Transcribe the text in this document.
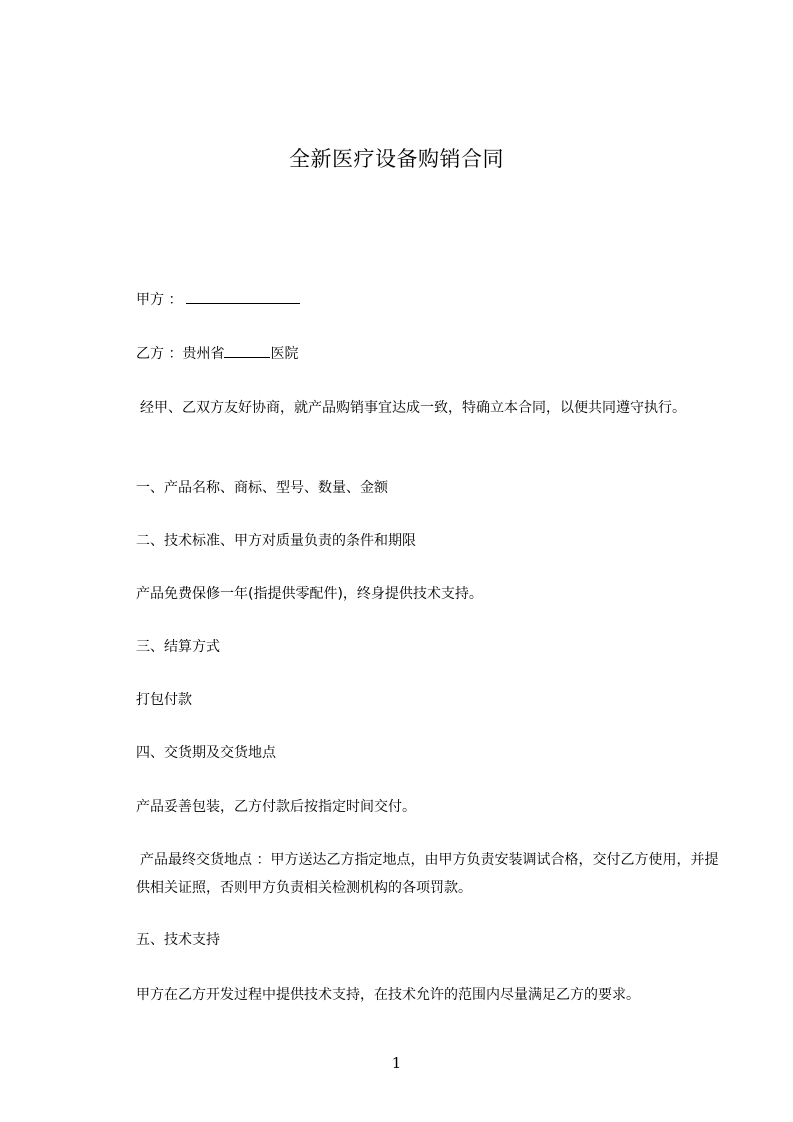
全新医疗设备购销合同
甲方 ：
乙方 ：贵州省	医院
经甲、乙双方友好协商，就产品购销事宜达成一致，特确立本合同，以便共同遵守执行。
一、产品名称、商标、型号、数量、金额
二、技术标准、甲方对质量负责的条件和期限
产品免费保修一年(指提供零配件)，终身提供技术支持。
三、结算方式
打包付款
四、交货期及交货地点
产品妥善包装，乙方付款后按指定时间交付。
产品最终交货地点 ：甲方送达乙方指定地点，由甲方负责安装调试合格，交付乙方使用，并提供相关证照，否则甲方负责相关检测机构的各项罚款。
五、技术支持
甲方在乙方开发过程中提供技术支持，在技术允许的范围内尽量满足乙方的要求。
1
